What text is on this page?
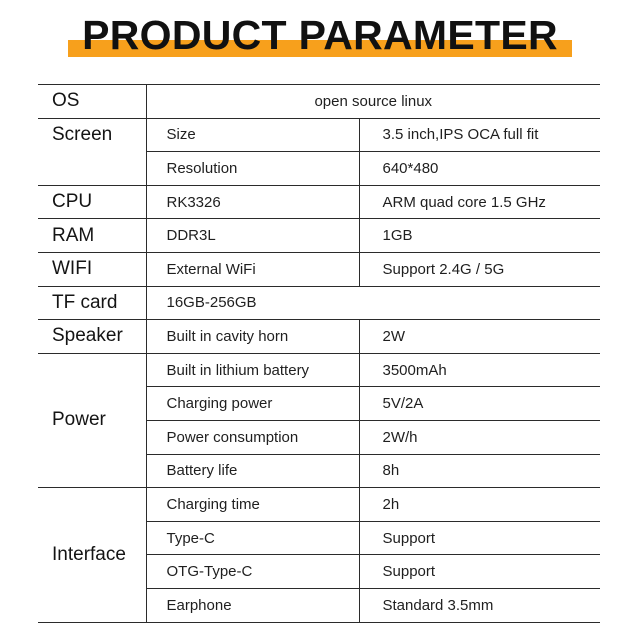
PRODUCT PARAMETER
OS	open source linux	
Screen	Size	3.5 inch,IPS OCA full fit
	Resolution	640*480
CPU	RK3326	ARM quad core 1.5 GHz
RAM	DDR3L	1GB
WIFI	External WiFi	Support 2.4G / 5G
TF card	16GB-256GB	
Speaker	Built in cavity horn	2W
Power	Built in lithium battery	3500mAh
	Charging power	5V/2A
	Power consumption	2W/h
	Battery life	8h
Interface	Charging time	2h
	Type-C	Support
	OTG-Type-C	Support
	Earphone	Standard 3.5mm
